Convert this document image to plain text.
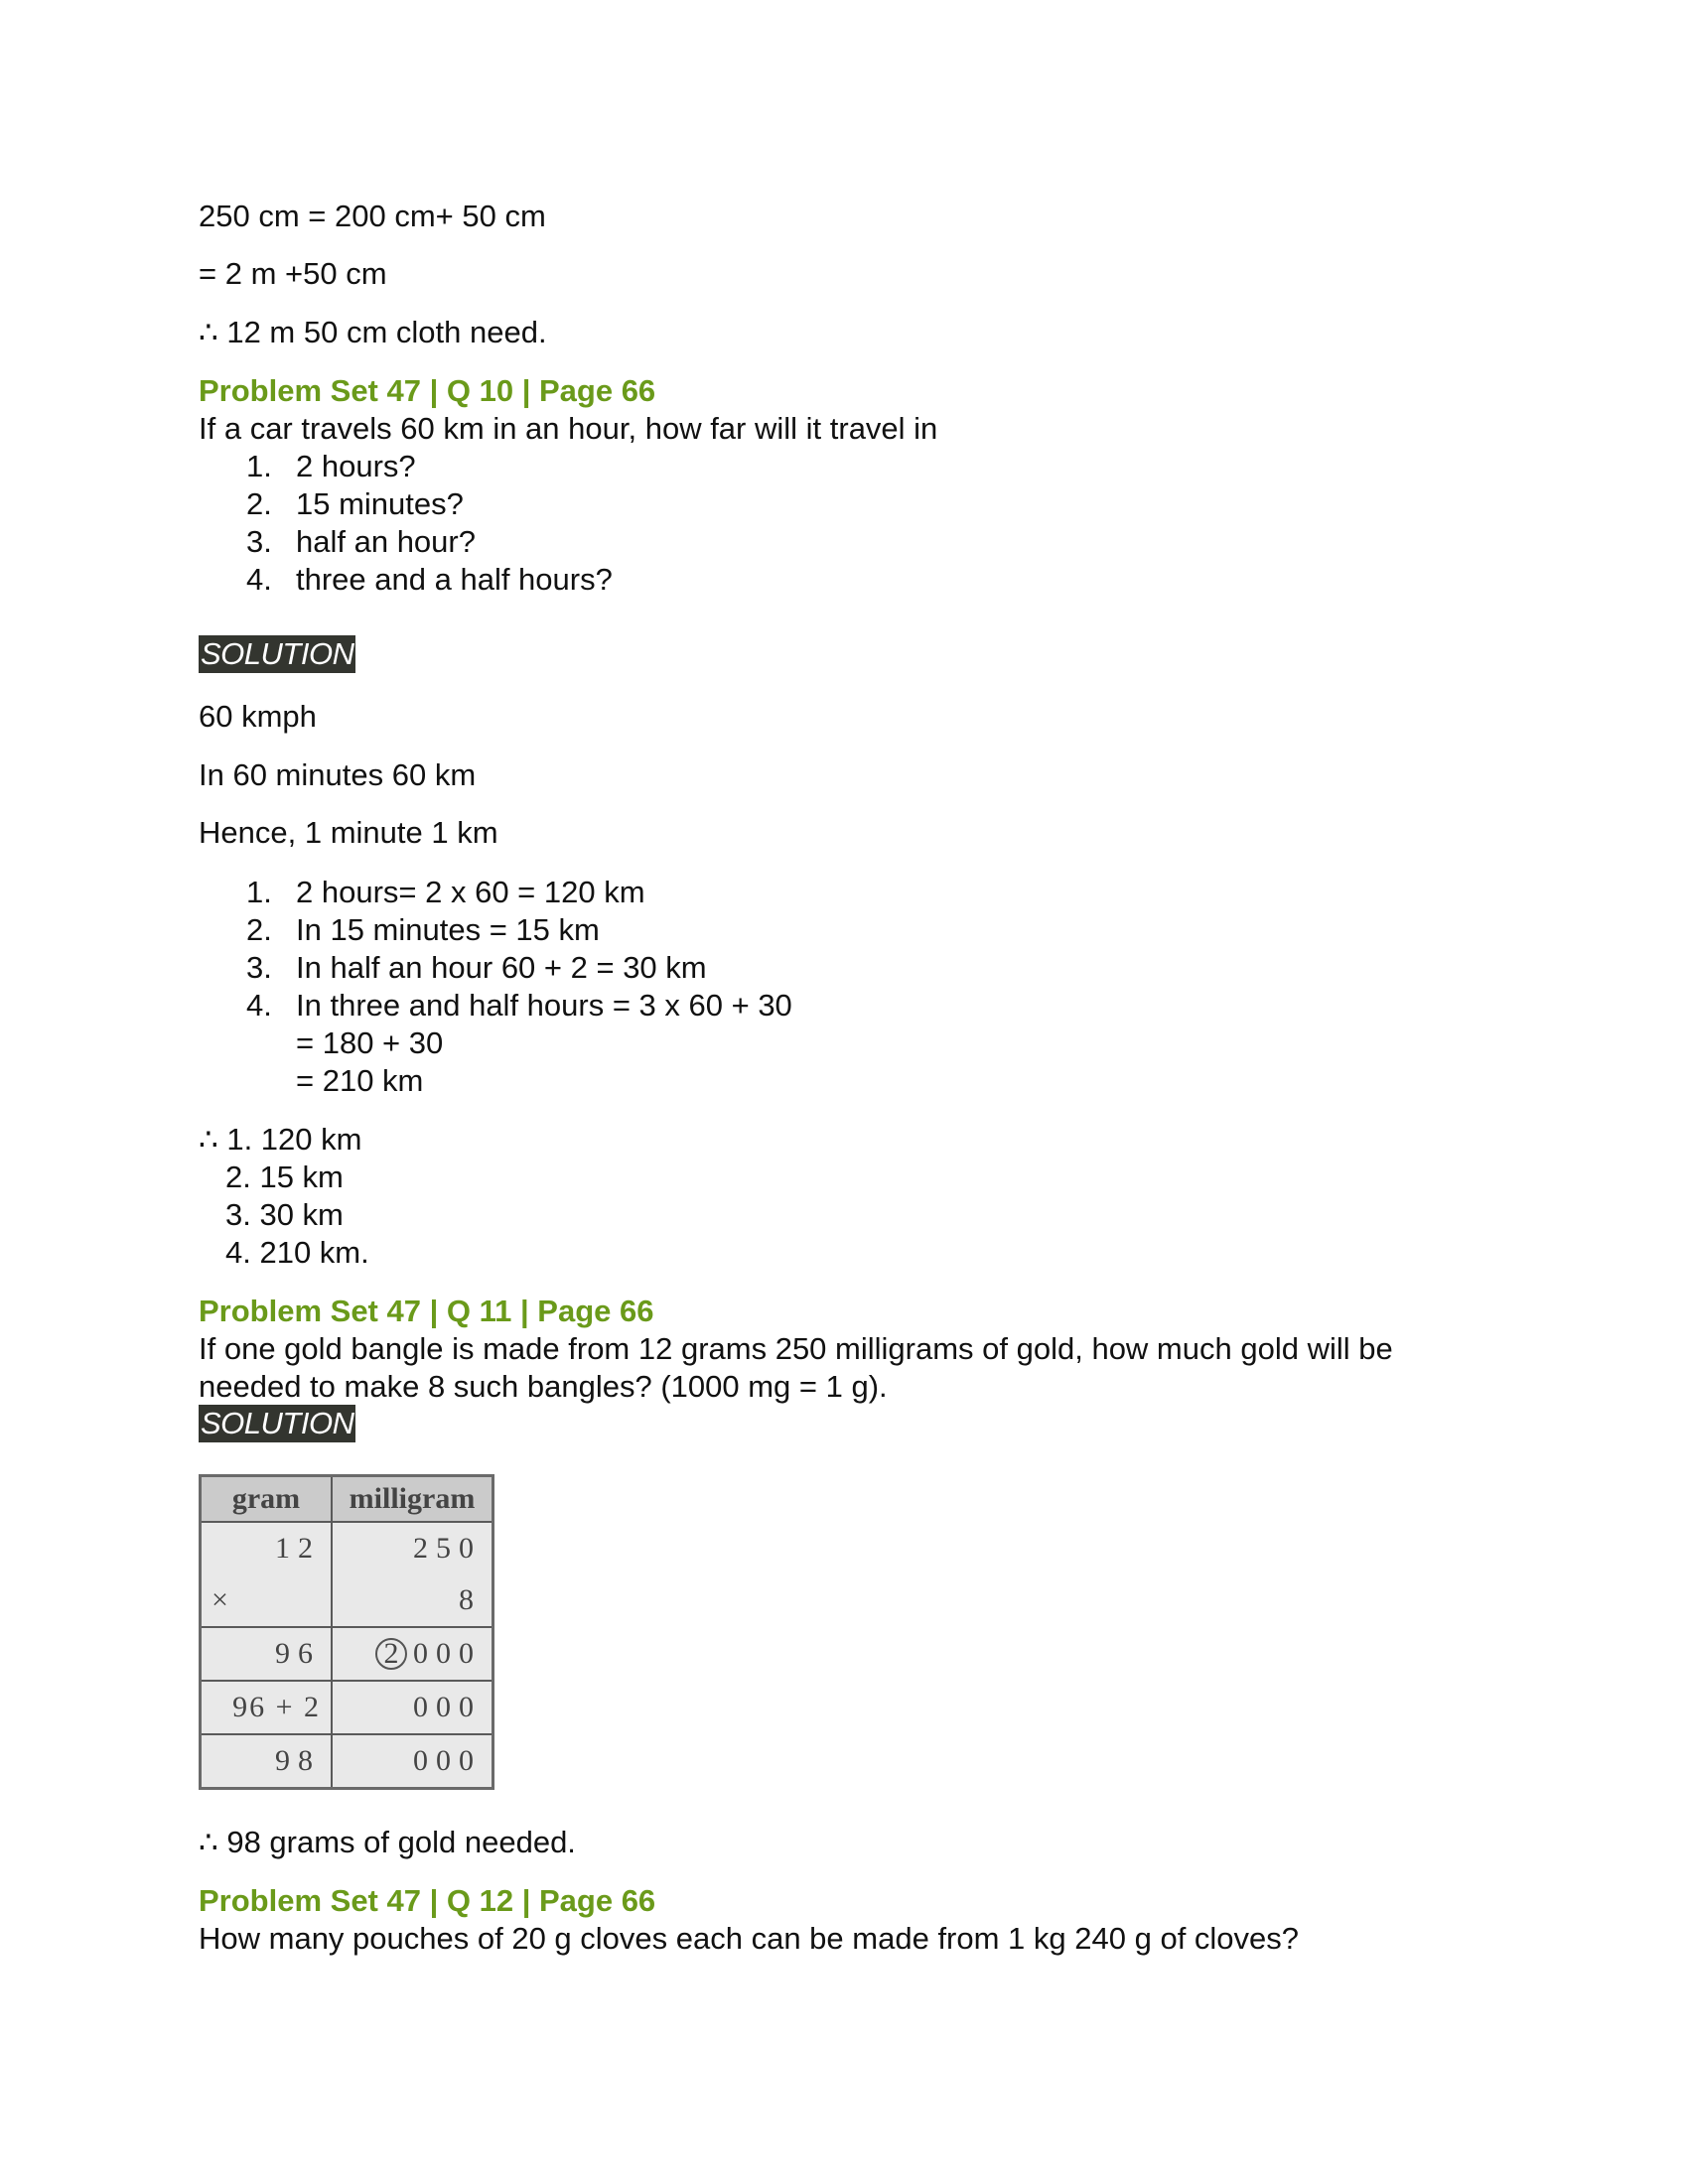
250 cm = 200 cm+ 50 cm
= 2 m +50 cm
∴ 12 m 50 cm cloth need.
Problem Set 47 | Q 10 | Page 66
If a car travels 60 km in an hour, how far will it travel in
1. 2 hours?
2. 15 minutes?
3. half an hour?
4. three and a half hours?
SOLUTION
60 kmph
In 60 minutes 60 km
Hence, 1 minute 1 km
1. 2 hours= 2 x 60 = 120 km
2. In 15 minutes = 15 km
3. In half an hour 60 + 2 = 30 km
4. In three and half hours = 3 x 60 + 30
= 180 + 30
= 210 km
∴ 1. 120 km
2. 15 km
3. 30 km
4. 210 km.
Problem Set 47 | Q 11 | Page 66
If one gold bangle is made from 12 grams 250 milligrams of gold, how much gold will be
needed to make 8 such bangles? (1000 mg = 1 g).
SOLUTION
gram	milligram
12	250

×	8
96	2 000
96 + 2	000
98	000
∴ 98 grams of gold needed.
Problem Set 47 | Q 12 | Page 66
How many pouches of 20 g cloves each can be made from 1 kg 240 g of cloves?
